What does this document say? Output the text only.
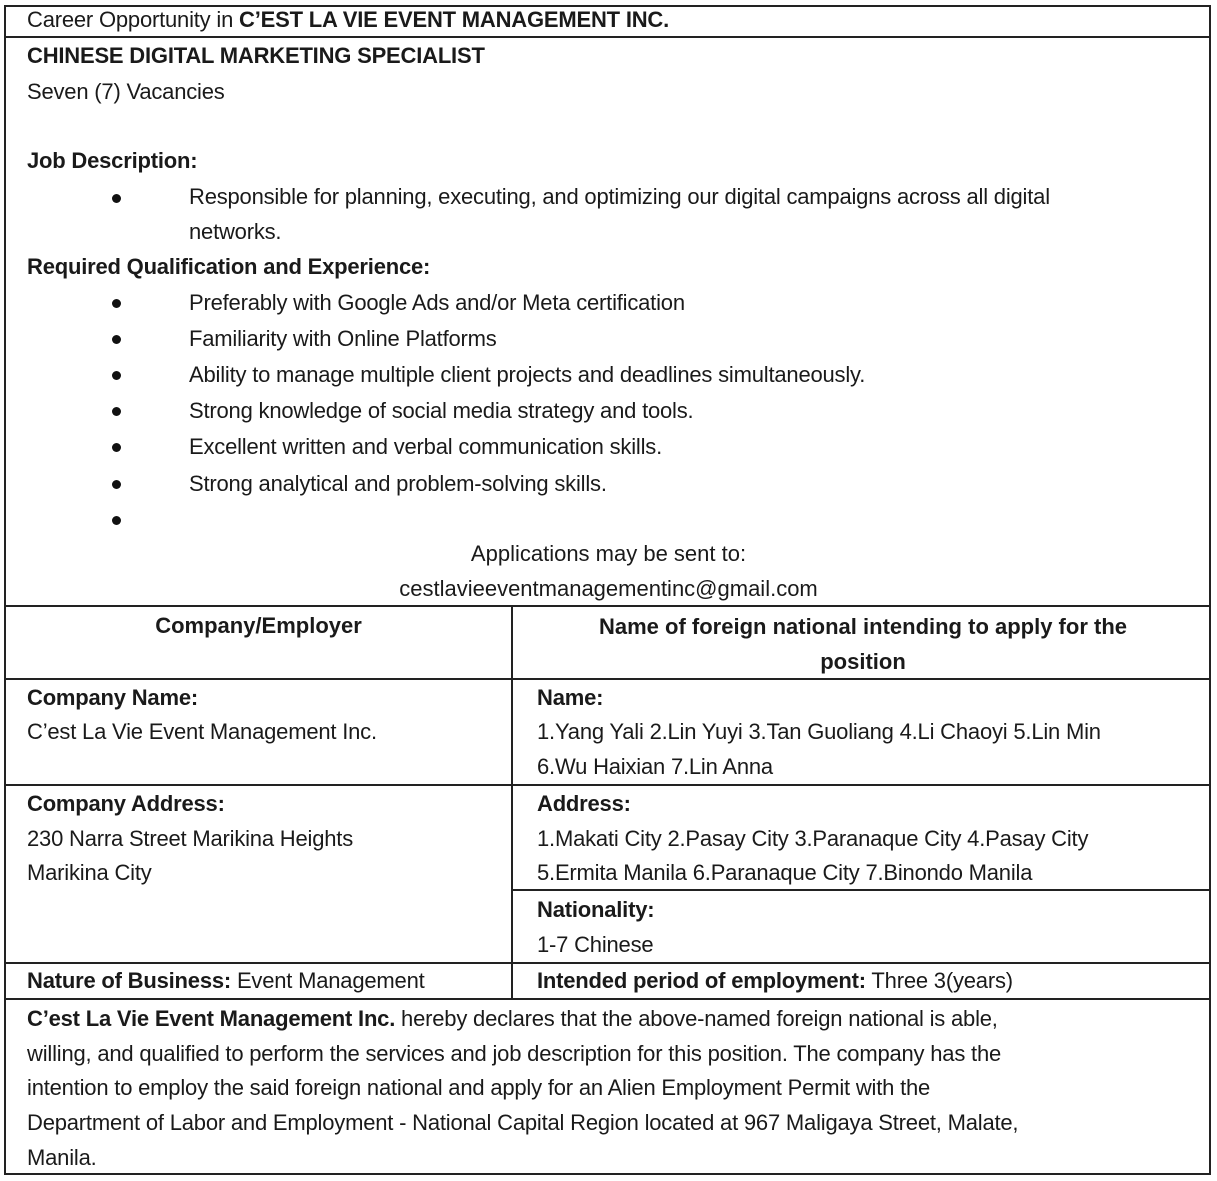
Career Opportunity in C’EST LA VIE EVENT MANAGEMENT INC.
CHINESE DIGITAL MARKETING SPECIALIST
Seven (7) Vacancies
Job Description:
Responsible for planning, executing, and optimizing our digital campaigns across all digital
networks.
Required Qualification and Experience:
Preferably with Google Ads and/or Meta certification
Familiarity with Online Platforms
Ability to manage multiple client projects and deadlines simultaneously.
Strong knowledge of social media strategy and tools.
Excellent written and verbal communication skills.
Strong analytical and problem-solving skills.
Applications may be sent to:
cestlavieeventmanagementinc@gmail.com
Company/Employer	Name of foreign national intending to apply for the
position
Company Name:
C’est La Vie Event Management Inc.
Name:
1.Yang Yali 2.Lin Yuyi 3.Tan Guoliang 4.Li Chaoyi 5.Lin Min
6.Wu Haixian 7.Lin Anna
Company Address:
230 Narra Street Marikina Heights
Marikina City
Address:
1.Makati City 2.Pasay City 3.Paranaque City 4.Pasay City
5.Ermita Manila 6.Paranaque City 7.Binondo Manila
Nationality:
1-7 Chinese
Nature of Business: Event Management	Intended period of employment: Three 3(years)
C’est La Vie Event Management Inc. hereby declares that the above-named foreign national is able,
willing, and qualified to perform the services and job description for this position. The company has the
intention to employ the said foreign national and apply for an Alien Employment Permit with the
Department of Labor and Employment - National Capital Region located at 967 Maligaya Street, Malate,
Manila.
